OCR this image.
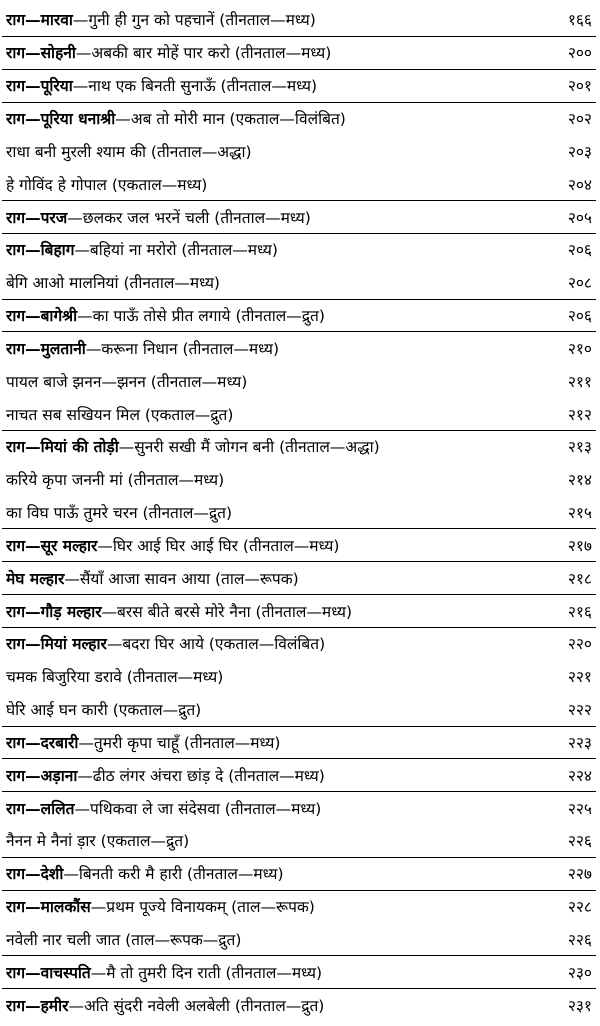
राग—मारवा—गुनी ही गुन को पहचानें (तीनताल—मध्य)	१६६
राग—सोहनी—अबकी बार मोहें पार करो (तीनताल—मध्य)	२००
राग—पूरिया—नाथ एक बिनती सुनाऊँ (तीनताल—मध्य)	२०१
राग—पूरिया धनाश्री—अब तो मोरी मान (एकताल—विलंबित)	२०२
राधा बनी मुरली श्याम की (तीनताल—अद्धा)	२०३
हे गोविंद हे गोपाल (एकताल—मध्य)	२०४
राग—परज—छलकर जल भरनें चली (तीनताल—मध्य)	२०५
राग—बिहाग—बहियां ना मरोरो (तीनताल—मध्य)	२०६
बेगि आओ मालनियां (तीनताल—मध्य)	२०८
राग—बागेश्री—का पाऊँ तोसे प्रीत लगाये (तीनताल—द्रुत)	२०६
राग—मुलतानी—करूना निधान (तीनताल—मध्य)	२१०
पायल बाजे झनन—झनन (तीनताल—मध्य)	२११
नाचत सब सखियन मिल (एकताल—द्रुत)	२१२
राग—मियां की तोड़ी—सुनरी सखी मैं जोगन बनी (तीनताल—अद्धा)	२१३
करिये कृपा जननी मां (तीनताल—मध्य)	२१४
का विघ पाऊँ तुमरे चरन (तीनताल—द्रुत)	२१५
राग—सूर मल्हार—घिर आई घिर आई घिर (तीनताल—मध्य)	२१७
मेघ मल्हार—सैंयाँ आजा सावन आया (ताल—रूपक)	२१८
राग—गौड़ मल्हार—बरस बीते बरसे मोरे नैना (तीनताल—मध्य)	२१६
राग—मियां मल्हार—बदरा घिर आये (एकताल—विलंबित)	२२०
चमक बिजुरिया डरावे (तीनताल—मध्य)	२२१
घेरि आई घन कारी (एकताल—द्रुत)	२२२
राग—दरबारी—तुमरी कृपा चाहूँ (तीनताल—मध्य)	२२३
राग—अड़ाना—ढीठ लंगर अंचरा छांड़ दे (तीनताल—मध्य)	२२४
राग—ललित—पथिकवा ले जा संदेसवा (तीनताल—मध्य)	२२५
नैनन मे नैनां ड़ार (एकताल—द्रुत)	२२६
राग—देशी—बिनती करी मै हारी (तीनताल—मध्य)	२२७
राग—मालकौंस—प्रथम पूज्ये विनायकम् (ताल—रूपक)	२२८
नवेली नार चली जात (ताल—रूपक—द्रुत)	२२६
राग—वाचस्पति—मै तो तुमरी दिन राती (तीनताल—मध्य)	२३०
राग—हमीर—अति सुंदरी नवेली अलबेली (तीनताल—द्रुत)	२३१
